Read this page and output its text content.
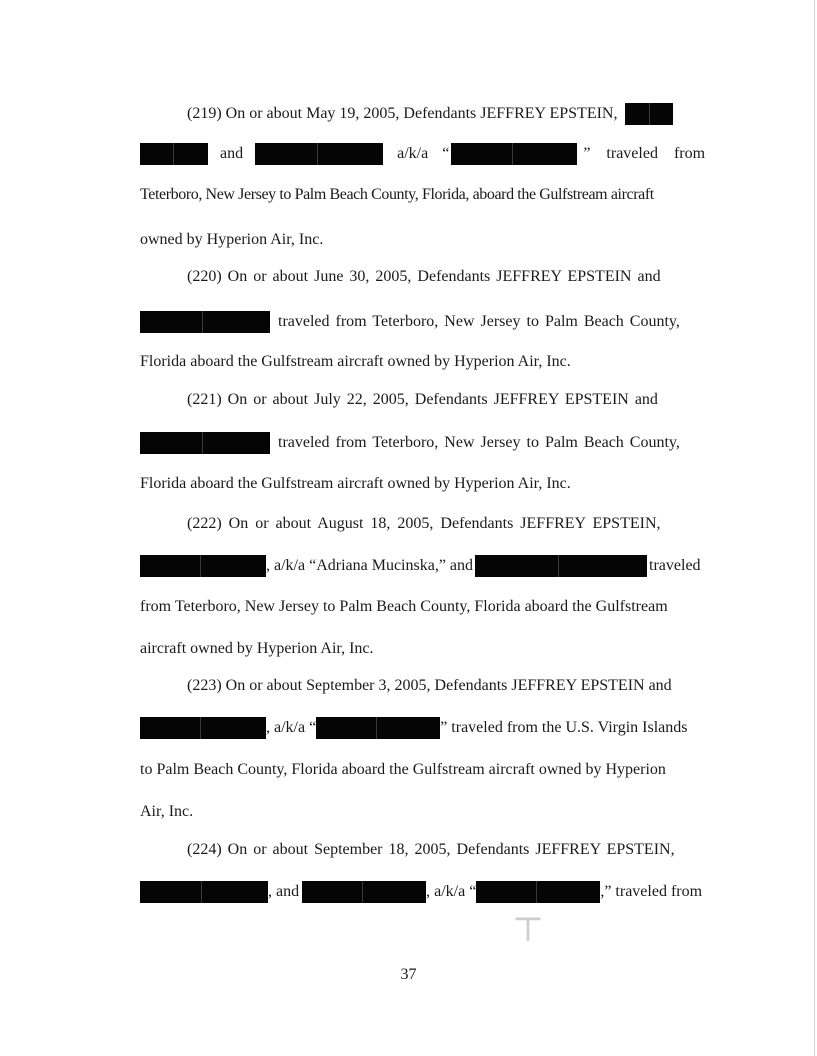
(219) On or about May 19, 2005, Defendants JEFFREY EPSTEIN,
and	a/k/a “	” traveled from
Teterboro, New Jersey to Palm Beach County, Florida, aboard the Gulfstream aircraft
owned by Hyperion Air, Inc.
(220) On or about June 30, 2005, Defendants JEFFREY EPSTEIN and
traveled from Teterboro, New Jersey to Palm Beach County,
Florida aboard the Gulfstream aircraft owned by Hyperion Air, Inc.
(221) On or about July 22, 2005, Defendants JEFFREY EPSTEIN and
traveled from Teterboro, New Jersey to Palm Beach County,
Florida aboard the Gulfstream aircraft owned by Hyperion Air, Inc.
(222) On or about August 18, 2005, Defendants JEFFREY EPSTEIN,
, a/k/a “Adriana Mucinska,” and	traveled
from Teterboro, New Jersey to Palm Beach County, Florida aboard the Gulfstream
aircraft owned by Hyperion Air, Inc.
(223) On or about September 3, 2005, Defendants JEFFREY EPSTEIN and
, a/k/a “	” traveled from the U.S. Virgin Islands
to Palm Beach County, Florida aboard the Gulfstream aircraft owned by Hyperion
Air, Inc.
(224) On or about September 18, 2005, Defendants JEFFREY EPSTEIN,
, and	, a/k/a “	,” traveled from
⊤
37
